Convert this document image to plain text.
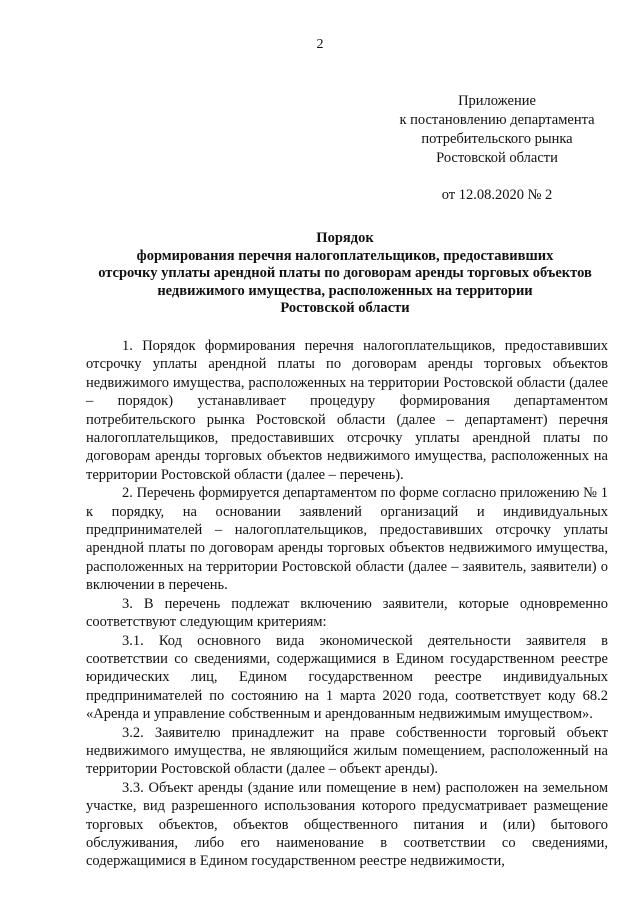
2
Приложение
к постановлению департамента
потребительского рынка
Ростовской области
от 12.08.2020 № 2
Порядок
формирования перечня налогоплательщиков, предоставивших
отсрочку уплаты арендной платы по договорам аренды торговых объектов
недвижимого имущества, расположенных на территории
Ростовской области

1. Порядок формирования перечня налогоплательщиков, предоставивших отсрочку уплаты арендной платы по договорам аренды торговых объектов недвижимого имущества, расположенных на территории Ростовской области (далее – порядок) устанавливает процедуру формирования департаментом потребительского рынка Ростовской области (далее – департамент) перечня налогоплательщиков, предоставивших отсрочку уплаты арендной платы по договорам аренды торговых объектов недвижимого имущества, расположенных на территории Ростовской области (далее – перечень).

2. Перечень формируется департаментом по форме согласно приложению № 1 к порядку, на основании заявлений организаций и индивидуальных предпринимателей – налогоплательщиков, предоставивших отсрочку уплаты арендной платы по договорам аренды торговых объектов недвижимого имущества, расположенных на территории Ростовской области (далее – заявитель, заявители) о включении в перечень.

3. В перечень подлежат включению заявители, которые одновременно соответствуют следующим критериям:

3.1. Код основного вида экономической деятельности заявителя в соответствии со сведениями, содержащимися в Едином государственном реестре юридических лиц, Едином государственном реестре индивидуальных предпринимателей по состоянию на 1 марта 2020 года, соответствует коду 68.2 «Аренда и управление собственным и арендованным недвижимым имуществом».

3.2. Заявителю принадлежит на праве собственности торговый объект недвижимого имущества, не являющийся жилым помещением, расположенный на территории Ростовской области (далее – объект аренды).

3.3. Объект аренды (здание или помещение в нем) расположен на земельном участке, вид разрешенного использования которого предусматривает размещение торговых объектов, объектов общественного питания и (или) бытового обслуживания, либо его наименование в соответствии со сведениями, содержащимися в Едином государственном реестре недвижимости,
